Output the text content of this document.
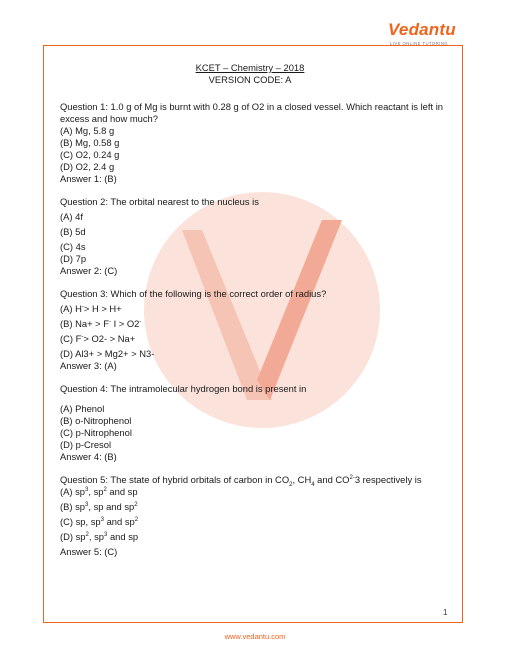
Vedantu
LIVE ONLINE TUTORING
KCET – Chemistry – 2018
VERSION CODE: A
Question 1: 1.0 g of Mg is burnt with 0.28 g of O2 in a closed vessel. Which reactant is left in excess and how much?
(A) Mg, 5.8 g
(B) Mg, 0.58 g
(C) O2, 0.24 g
(D) O2, 2.4 g
Answer 1: (B)
Question 2: The orbital nearest to the nucleus is
(A) 4f
(B) 5d
(C) 4s
(D) 7p
Answer 2: (C)
Question 3: Which of the following is the correct order of radius?
(A) H-> H > H+
(B) Na+ > F- I > O2-
(C) F-> O2- > Na+
(D) Al3+ > Mg2+ > N3-
Answer 3: (A)
Question 4: The intramolecular hydrogen bond is present in
(A) Phenol
(B) o-Nitrophenol
(C) p-Nitrophenol
(D) p-Cresol
Answer 4: (B)
Question 5: The state of hybrid orbitals of carbon in $CO_2$, $CH_4$ and $CO^{2-}3$ respectively is
(A) $sp^3$, $sp^2$ and sp
(B) $sp^3$, sp and $sp^2$
(C) sp, $sp^3$ and $sp^2$
(D) $sp^2$, $sp^3$ and sp
Answer 5: (C)
1
www.vedantu.com
